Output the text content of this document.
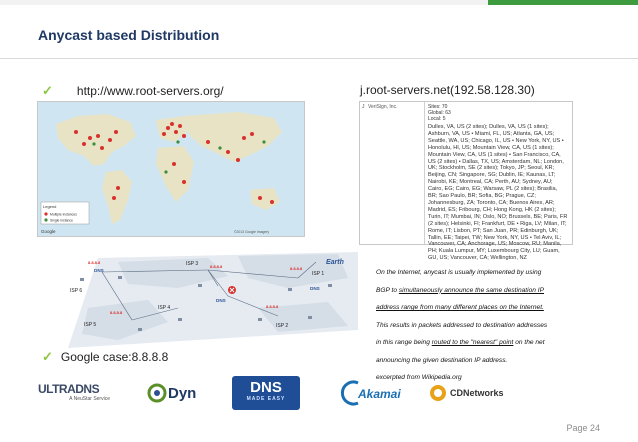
Anycast based Distribution
✓ http://www.root-servers.org/	j.root-servers.net(192.58.128.30)
Legend
Multiple instances
Single instance
Google	©2013 Google Imagery
J VeriSign, Inc.	Sites: 70
Global: 63
Local: 5
Dulles, VA, US (2 sites); Dulles, VA, US (1 sites); Ashburn, VA, US • Miami, FL, US; Atlanta, GA, US; Seattle, WA, US; Chicago, IL, US • New York, NY, US • Honolulu, HI, US; Mountain View, CA, US (1 sites); Mountain View, CA, US (1 sites) • San Francisco, CA, US (2 sites) • Dallas, TX, US; Amsterdam, NL; London, UK; Stockholm, SE (2 sites); Tokyo, JP; Seoul, KR; Beijing, CN; Singapore, SG; Dublin, IE; Kaunas, LT; Nairobi, KE; Montreal, CA; Perth, AU; Sydney, AU; Cairo, EG; Cairo, EG; Warsaw, PL (2 sites); Brasilia, BR; Sao Paulo, BR; Sofia, BG; Prague, CZ; Johannesburg, ZA; Toronto, CA; Buenos Aires, AR; Madrid, ES; Fribourg, CH; Hong Kong, HK (2 sites); Turin, IT; Mumbai, IN; Oslo, NO; Brussels, BE; Paris, FR (2 sites); Helsinki, FI; Frankfurt, DE • Riga, LV; Milan, IT; Rome, IT; Lisbon, PT; San Juan, PR; Edinburgh, UK; Tallin, EE; Taipei, TW; New York, NY, US • Tel Aviv, IL; Vancouver, CA; Anchorage, US; Moscow, RU; Manila, PH; Kuala Lumpur, MY; Luxembourg City, LU; Guam, GU, US; Vancouver, CA; Wellington, NZ
Earth
ISP 1
ISP 2
ISP 3
ISP 4
ISP 5
ISP 6
8.8.8.8
8.8.8.8	8.8.8.8
8.8.8.8
8.8.8.8
DNS
DNS
DNS
On the Internet, anycast is usually implemented by using
BGP to simultaneously announce the same destination IP
address range from many different places on the Internet.
This results in packets addressed to destination addresses
in this range being routed to the "nearest" point on the net
announcing the given destination IP address.
excerpted from Wikipedia.org
✓ Google case:8.8.8.8
ULTRADNS
A NeuStar Service	Dyn	DNS
MADE EASY	Akamai	CDNetworks
Page 24
